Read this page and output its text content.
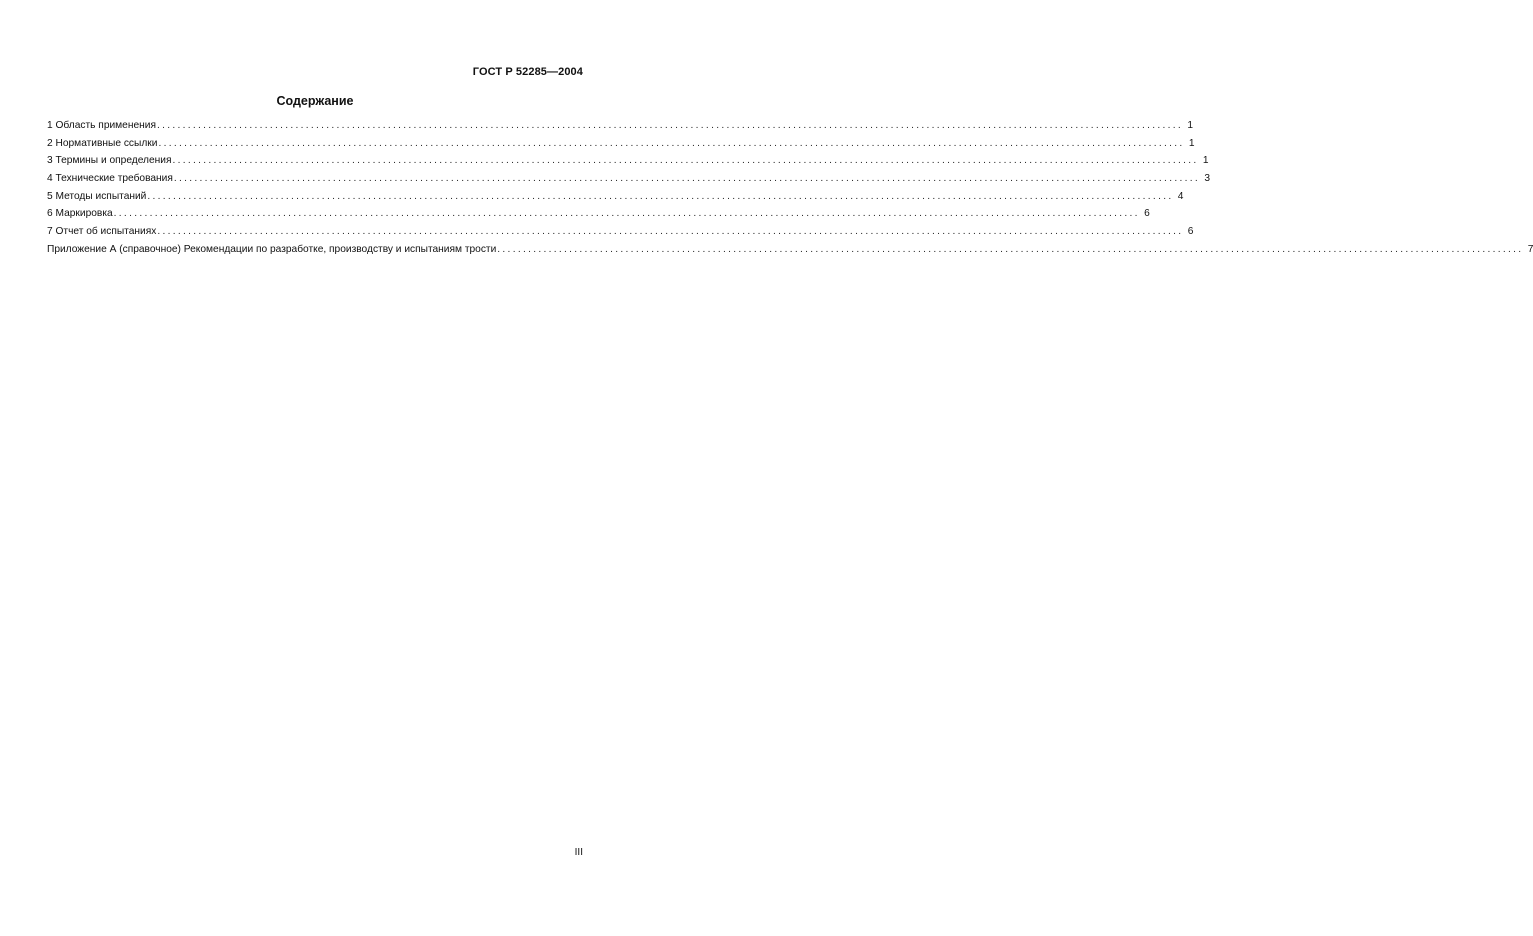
ГОСТ Р 52285—2004
Содержание
1 Область применения ........................................................................................................................................................................................................ 1
2 Нормативные ссылки ........................................................................................................................................................................................................ 1
3 Термины и определения ........................................................................................................................................................................................................ 1
4 Технические требования ........................................................................................................................................................................................................ 3
5 Методы испытаний ........................................................................................................................................................................................................ 4
6 Маркировка ........................................................................................................................................................................................................ 6
7 Отчет об испытаниях ........................................................................................................................................................................................................ 6
Приложение А (справочное) Рекомендации по разработке, производству и испытаниям трости ........................................................................................................................................................................................................ 7
III
